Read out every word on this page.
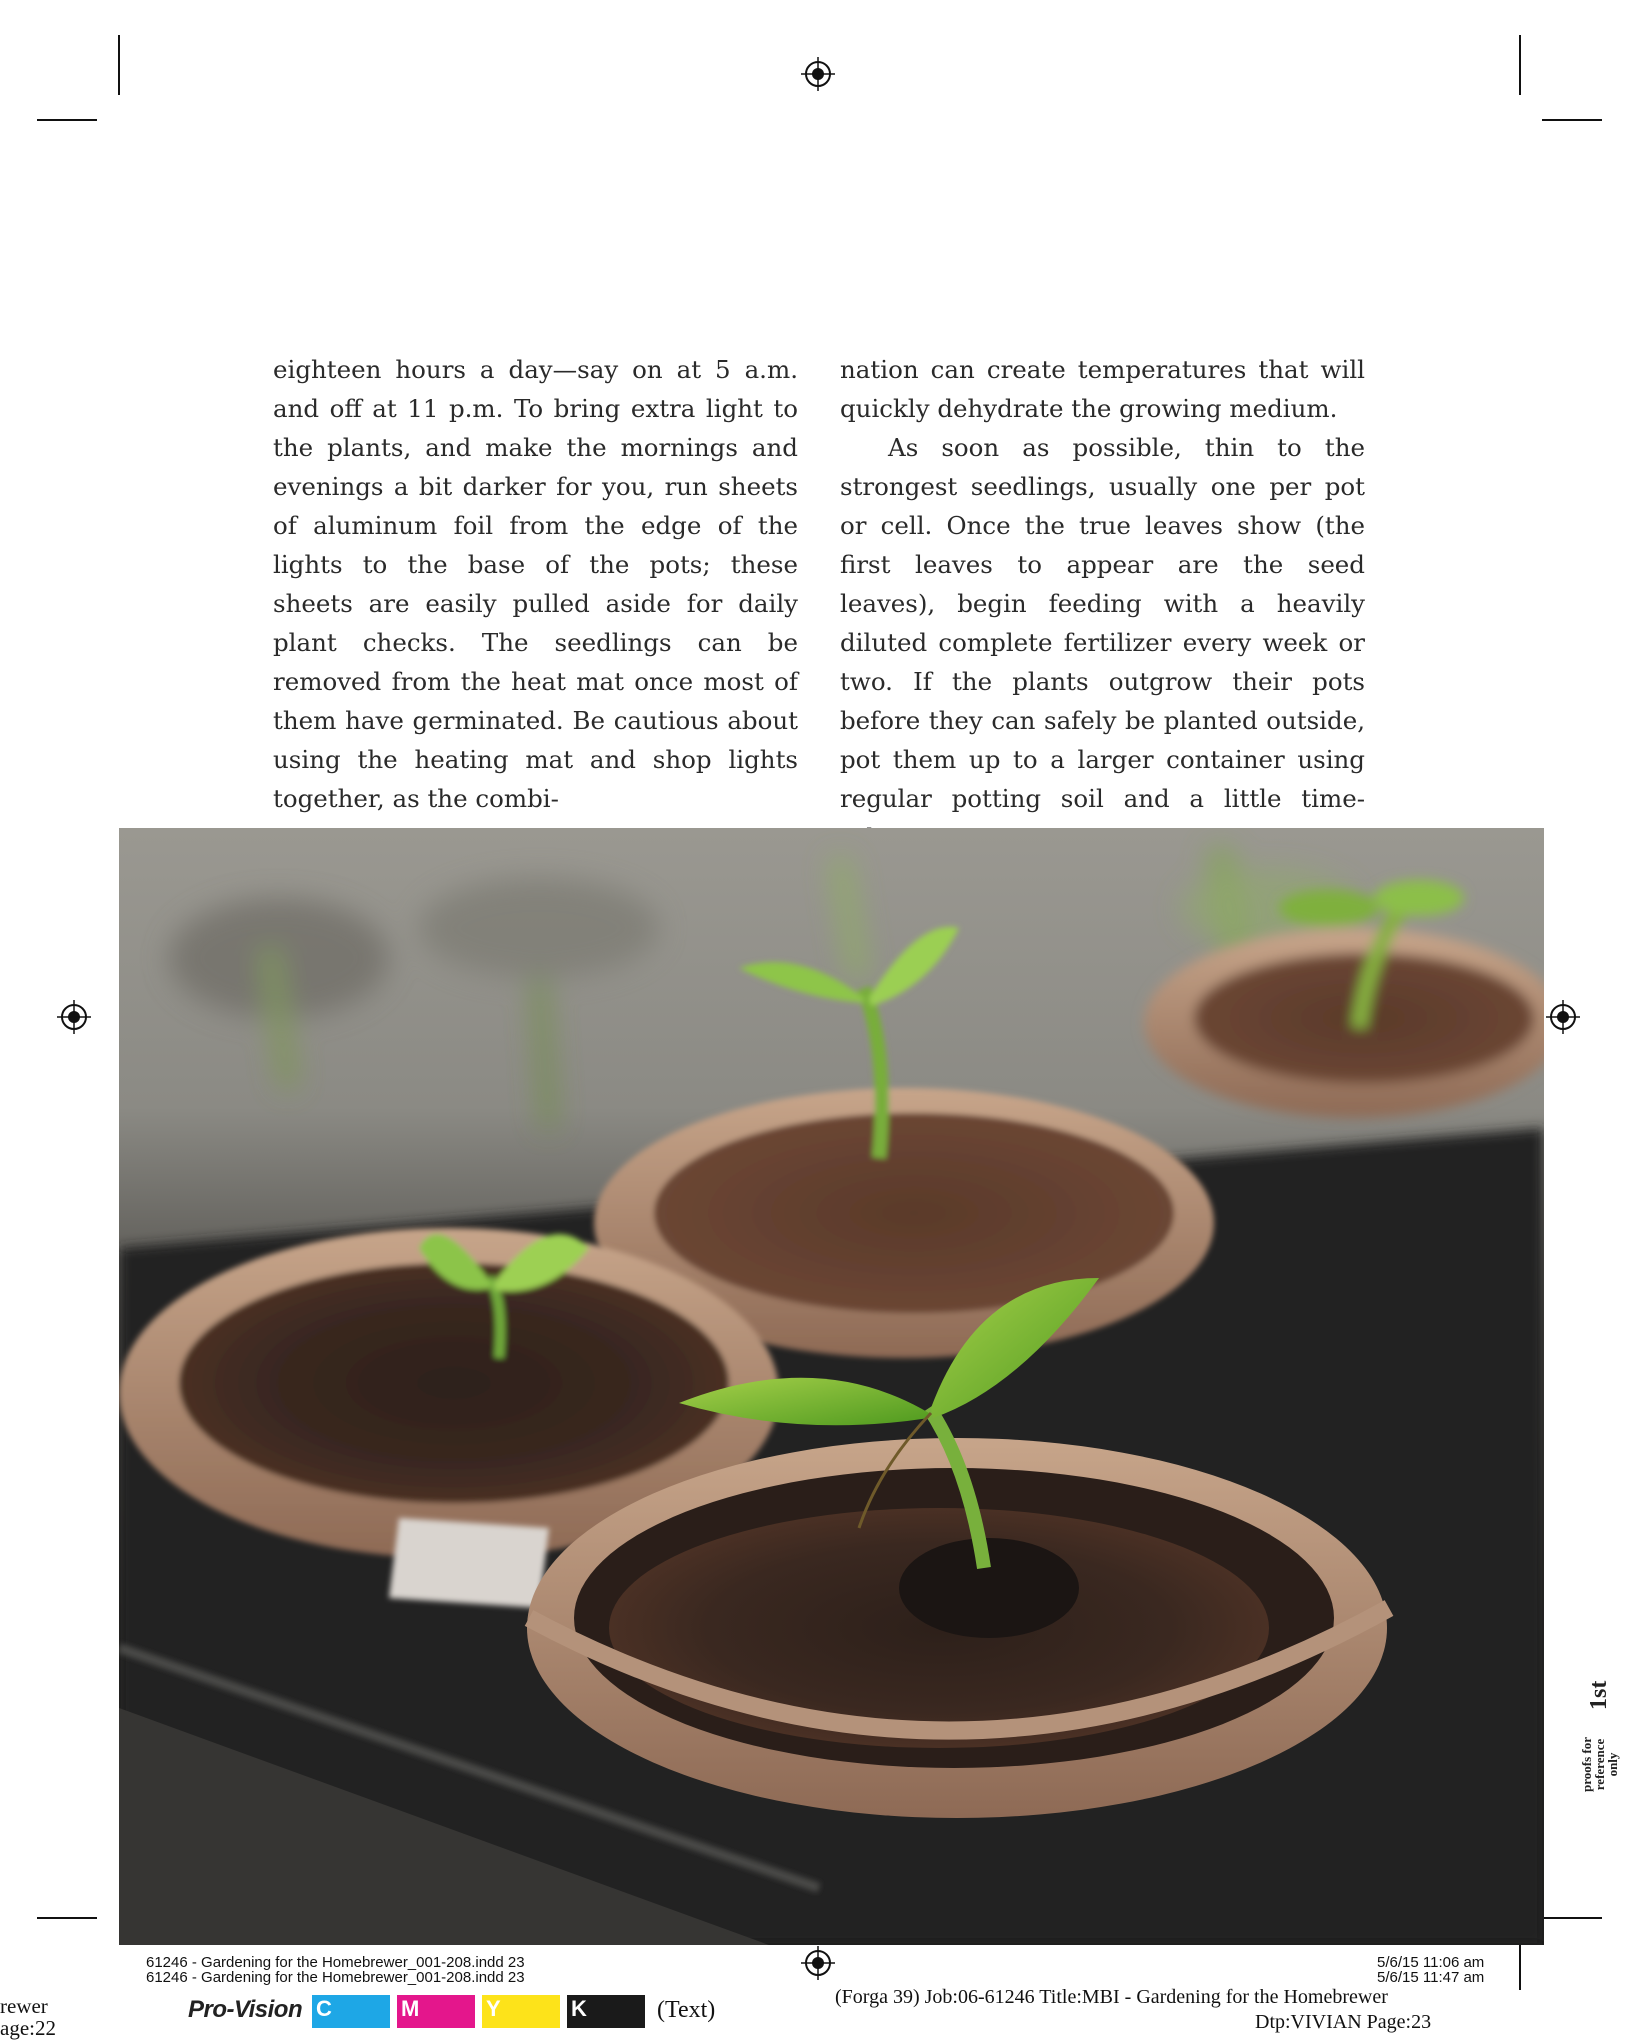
eighteen hours a day—say on at 5 a.m. and off at 11 p.m. To bring extra light to the plants, and make the mornings and evenings a bit darker for you, run sheets of aluminum foil from the edge of the lights to the base of the pots; these sheets are easily pulled aside for daily plant checks. The seedlings can be removed from the heat mat once most of them have germinated. Be cautious about using the heating mat and shop lights together, as the combi-

nation can create temperatures that will quickly dehydrate the growing medium.

As soon as possible, thin to the strongest seedlings, usually one per pot or cell. Once the true leaves show (the first leaves to appear are the seed leaves), begin feeding with a heavily diluted complete fertilizer every week or two. If the plants outgrow their pots before they can safely be planted outside, pot them up to a larger container using regular potting soil and a little time-

1st
proofs for
reference
only
61246 - Gardening for the Homebrewer_001-208.indd 23
61246 - Gardening for the Homebrewer_001-208.indd 23
5/6/15 11:06 am
5/6/15 11:47 am
rewer
age:22
Pro-Vision C	M	Y	K	(Text)	(Forga 39) Job:06-61246 Title:MBI - Gardening for the Homebrewer
Dtp:VIVIAN Page:23
